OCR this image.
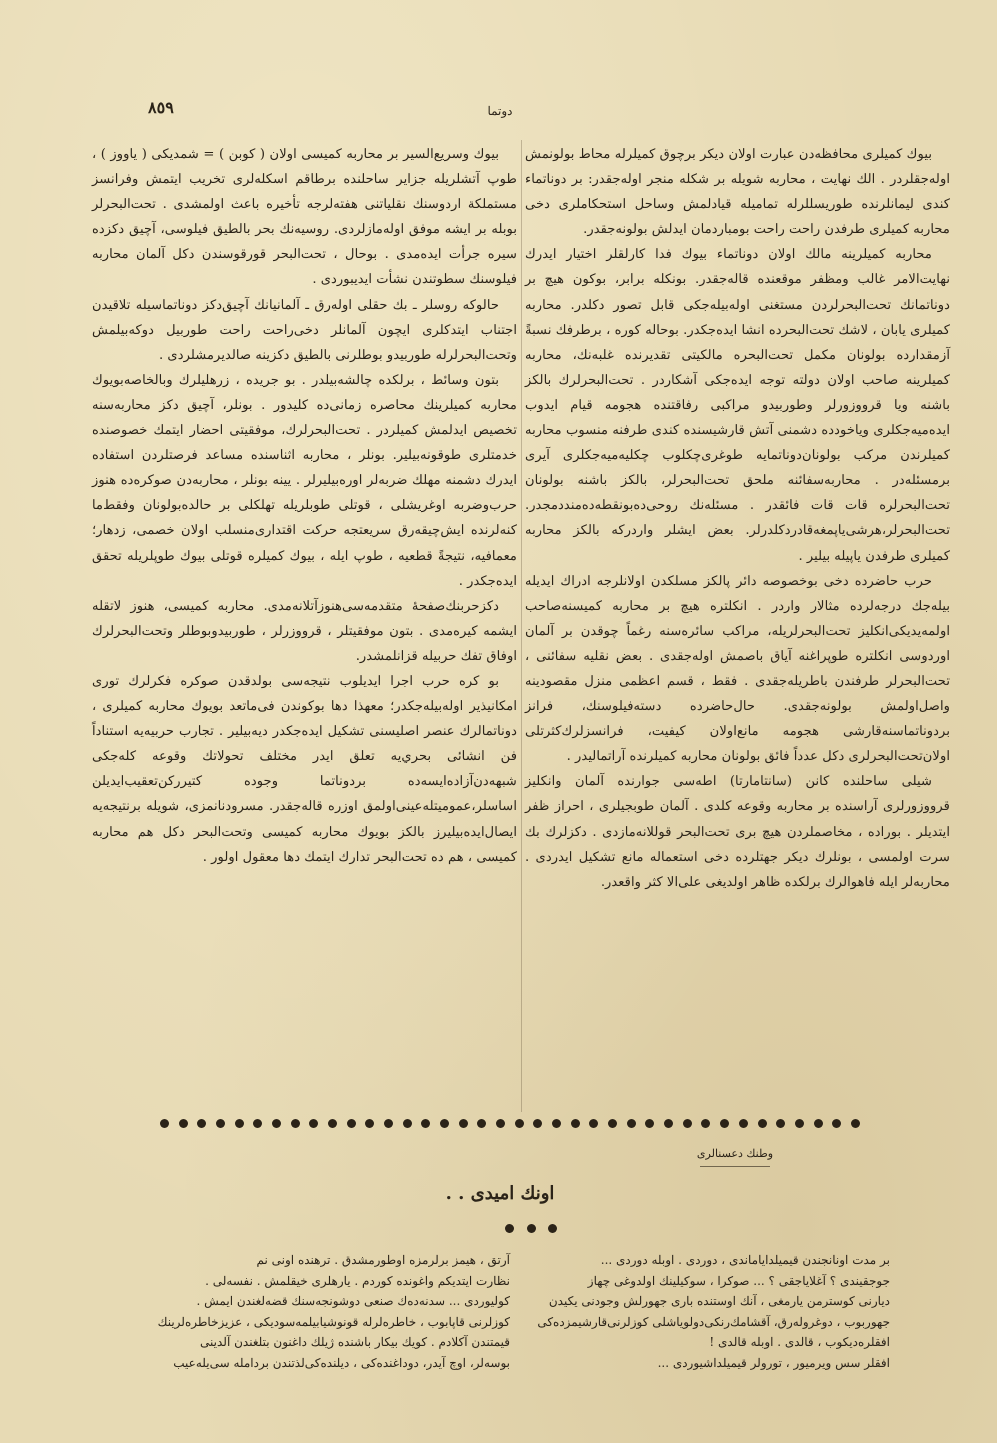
٨٥٩	دوتما

بيوك كميلرى محافظه‌دن عبارت اولان ديكر برچوق كميلرله محاط بولونمش اوله‌جقلردر . الك نهايت ، محاربه شويله بر شكله منجر اوله‌جقدر: بر دوناتماء كندى ليمانلرنده طوريسللرله تماميله قيادلمش وساحل استحكاملرى دخى محاربه كميلرى طرفدن راحت راحت بومباردمان ايدلش بولونه‌جقدر.

محاربه كميلرينه مالك اولان دوناتماء بيوك فدا كارلقلر اختيار ايدرك نهايت‌الامر غالب ومظفر موقعنده قاله‌جقدر. بونكله برابر، بوكون هيچ بر دوناتمانك تحت‌البحرلردن مستغنى اوله‌بيله‌جكى قابل تصور دكلدر. محاربه كميلرى يابان ، لاشك تحت‌البحرده انشا ايده‌جكدر. بوحاله كوره ، برطرفك نسبةً آزمقدارده بولونان مكمل تحت‌البحره مالكيتى تقديرنده غلبه‌نك، محاربه كميلرينه صاحب اولان دولته توجه ايده‌جكى آشكاردر . تحت‌البحرلرك بالكز باشنه ويا قرووزورلر وطوربيدو مراكبى رفاقتنده هجومه قيام ايدوب ايده‌ميه‌جكلرى وياخودده دشمنى آتش قارشيسنده كندى طرفنه منسوب محاربه كميلرندن مركب بولونان‌دوناتمايه طوغرى‌چكلوب چكليه‌ميه‌جكلرى آيرى برمسئله‌در . محاربه‌سفائنه ملحق تحت‌البحرلر، بالكز باشنه بولونان تحت‌البحرلره قات قات فائقدر . مسئله‌نك روحى‌ده‌بونقطه‌ده‌منددمجدر. تحت‌البحرلر،هرشى‌ياپمغه‌قادردكلدرلر. بعض ايشلر واردركه بالكز محاربه كميلرى طرفدن ياپيله بيلير .

حرب حاضرده دخى بوخصوصه دائر پالكز مسلكدن اولانلرجه ادراك ايديله بيله‌جك درجه‌لرده مثالار واردر . انكلتره هيچ بر محاربه كميسنه‌صاحب اولمه‌يديكى‌انكليز تحت‌البحرلريله، مراكب سائره‌سنه رغماً چوقدن بر آلمان اوردوسى انكلتره طوپراغنه آياق باصمش اوله‌جقدى . بعض نقليه سفائنى ، تحت‌البحرلر طرفندن باطريله‌جقدى . فقط ، قسم اعظمى منزل مقصودينه واصل‌اولمش بولونه‌جقدى. حال‌حاضرده‌ دسته‌فيلوسنك، فرانز بردوناتماسنه‌قارشى هجومه مانع‌اولان كيفيت، فرانسزلرك‌كثرتلى اولان‌تحت‌البحرلرى دكل عدداً فائق بولونان محاربه كميلرنده آراتماليدر .

شيلى ساحلنده كانن (سانتامارتا) اطه‌سى جوارنده آلمان وانكليز قرووزورلرى آراسنده بر محاربه وقوعه كلدى . آلمان طوبجيلرى ، احراز ظفر ايتديلر . بوراده ، مخاصملردن هيچ برى تحت‌البحر قوللانه‌مازدى . دكزلرك بك سرت اولمسى ، بونلرك ديكر جهتلرده دخى استعماله مانع تشكيل ايدردى . محاربه‌لر ايله فاهوالرك برلكده ظاهر اولديغى علی‌الا كثر واقعدر.

بيوك وسريع‌السير بر محاربه كميسى اولان ( كوبن ) = شمديكى ( ياووز ) ، طوپ آتشلريله جزاير ساحلنده برطاقم اسكله‌لرى تخريب ايتمش وفرانسز مستملكة اردوسنك نقلياتنى هفته‌لرجه تأخيره باعث اولمشدى . تحت‌البحرلر بوبله بر ايشه موفق اوله‌مازلردى. روسيه‌نك بحر بالطيق فيلوسى، آچيق دكزده سيره جرأت ايده‌مدى . بوحال ، تحت‌البحر قورقوسندن دكل آلمان محاربه فيلوسنك سطوتندن نشأت ايديبوردى .

حالوكه روسلر ـ بك حقلى اوله‌رق ـ آلمانيانك آچيق‌دكز دوناتماسيله تلاقيدن اجتناب ايتدكلرى ايچون آلمانلر دخى‌راحت راحت طوربيل دوكه‌بيلمش وتحت‌البحرلرله طوربيدو بوطلرنى بالطيق دكزينه صالديرمشلردى .

بتون وسائط ، برلكده چالشه‌بيلدر . بو جريده ، زرهليلرك وبالخاصه‌بويوك محاربه كميلرينك محاصره زمانى‌ده كليدور . بونلر، آچيق دكز محاربه‌سنه تخصيص ايدلمش كميلردر . تحت‌البحرلرك، موفقيتى احضار ايتمك خصوصنده خدمتلرى طوقونه‌بيلير. بونلر ، محاربه اثناسنده مساعد فرصتلردن استفاده ايدرك دشمنه مهلك ضربه‌لر اوره‌بيليرلر . يينه بونلر ، محاربه‌دن صوكره‌ده هنوز حرب‌وضربه اوغريشلى ، قوتلى طوبلريله تهلكلى بر حالده‌بولونان وفقط‌ما كنه‌لرنده ايش‌چيقه‌رق سريعتجه حركت اقتدارى‌منسلب اولان خصمى، زدهار؛ معمافيه، نتيجةً قطعيه ، طوپ ايله ، بيوك كميلره قوتلى بيوك طوپلريله تحقق ايده‌جكدر .

دكزحربنك‌صفحهٔ متقدمه‌سى‌هنوزآتلانه‌مدى. محاربه كميسى، هنوز لاتقله ايشمه كيره‌مدى . بتون موفقيتلر ، قرووزرلر ، طوربيدوبوطلر وتحت‌البحرلرك اوفاق تفك حربيله قزانلمشدر.

بو كره حرب اجرا ايديلوب نتيجه‌سى بولدقدن صوكره فكرلرك تورى امكانيذير اوله‌بيله‌جكدر؛ معهذا دها بوكوندن فى‌ماتعد بويوك محاربه كميلرى ، دوناتمالرك عنصر اصليسنى تشكيل ايده‌جكدر ديه‌بيلير . تجارب حربيه‌يه استناداً فن انشائى بحري‌يه تعلق ايدر مختلف تحولاتك وقوعه كله‌جكى شبهه‌دن‌آزاده‌ايسه‌ده بردوناتما وجوده كتيرركن‌تعقيب‌ايديلن اساسلر،عموميتله‌عينى‌اولمق اوزره قاله‌جقدر. مسرودنانمزى، شويله برنتيجه‌يه ايصال‌ايده‌بيليرز بالكز بويوك محاربه كميسى وتحت‌البحر دكل هم محاربه كميسى ، هم ده تحت‌البحر تدارك ايتمك دها معقول اولور .

وطنك دعسنالرى
اونك اميدى . .

بر مدت اونانجندن قيميلداياماندى ، دوردى . اوبله دوردى ...

جوجقيندى ؟ آغلاياجقى ؟ ... صوكرا ، سوكيلينك اولدوغى چهاز

ديارنى كوسترمن يارمغى ، آنك اوستنده‌ بارى جهورلش وجودنى‌ يكيدن

جهوربوب ، دوغروله‌رق، آقشامك‌رنكى‌دولوياشلى كوزلرنى‌قارشيمزده‌كى

افقلره‌دیكوب ، قالدى . اوبله قالدى !

افقلر سس ويرميور ، تورولر قيميلداشيوردى ...

آرتق ، هيمز برلرمزه اوطورمشدق . ترهنده اونى نم

نظارت ايتديكم واغونده كوردم . يارهلرى خيقلمش . نفسه‌لى .

كوليوردى ... سدنه‌ده‌ك صنعى دوشونجه‌سنك قضه‌لغندن ايمش .

كوزلرنى قاپابوب ، خاطره‌لرله قونوشيابيلمه‌سوديكى ، عزيزخاطره‌لرينك

قيمتندن آكلادم . كويك بيكار باشنده ژيلك داغنون بتلغندن آلدينى

بوسه‌لر، اوچ آيدر، دوداغنده‌كى ، ديلنده‌كى‌لذتندن بردامله سى‌يله‌عيب
